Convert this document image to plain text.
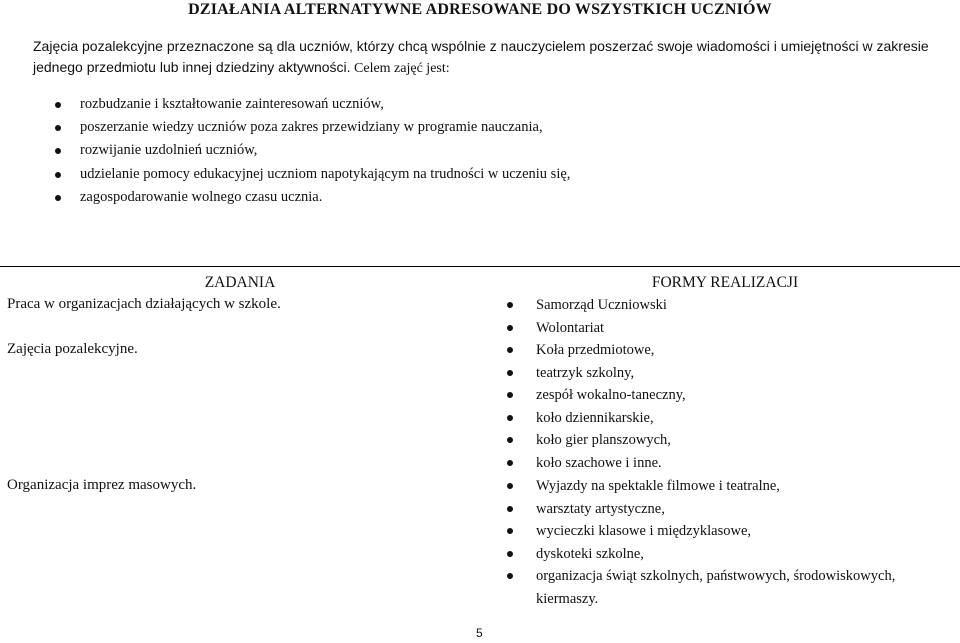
DZIAŁANIA ALTERNATYWNE ADRESOWANE DO WSZYSTKICH UCZNIÓW
Zajęcia pozalekcyjne przeznaczone są dla uczniów, którzy chcą wspólnie z nauczycielem poszerzać swoje wiadomości i umiejętności w zakresie jednego przedmiotu lub innej dziedziny aktywności. Celem zajęć jest:
rozbudzanie i kształtowanie zainteresowań uczniów,
poszerzanie wiedzy uczniów poza zakres przewidziany w programie nauczania,
rozwijanie uzdolnień uczniów,
udzielanie pomocy edukacyjnej uczniom napotykającym na trudności w uczeniu się,
zagospodarowanie wolnego czasu ucznia.
ZADANIA	FORMY REALIZACJI
Praca w organizacjach działających w szkole.	Samorząd Uczniowski
Wolontariat
Zajęcia pozalekcyjne.	Koła przedmiotowe,
teatrzyk szkolny,
zespół wokalno-taneczny,
koło dziennikarskie,
koło gier planszowych,
koło szachowe i inne.
Organizacja imprez masowych.	Wyjazdy na spektakle filmowe i teatralne,
warsztaty artystyczne,
wycieczki klasowe i międzyklasowe,
dyskoteki szkolne,
organizacja świąt szkolnych, państwowych, środowiskowych, kiermaszy.
5
